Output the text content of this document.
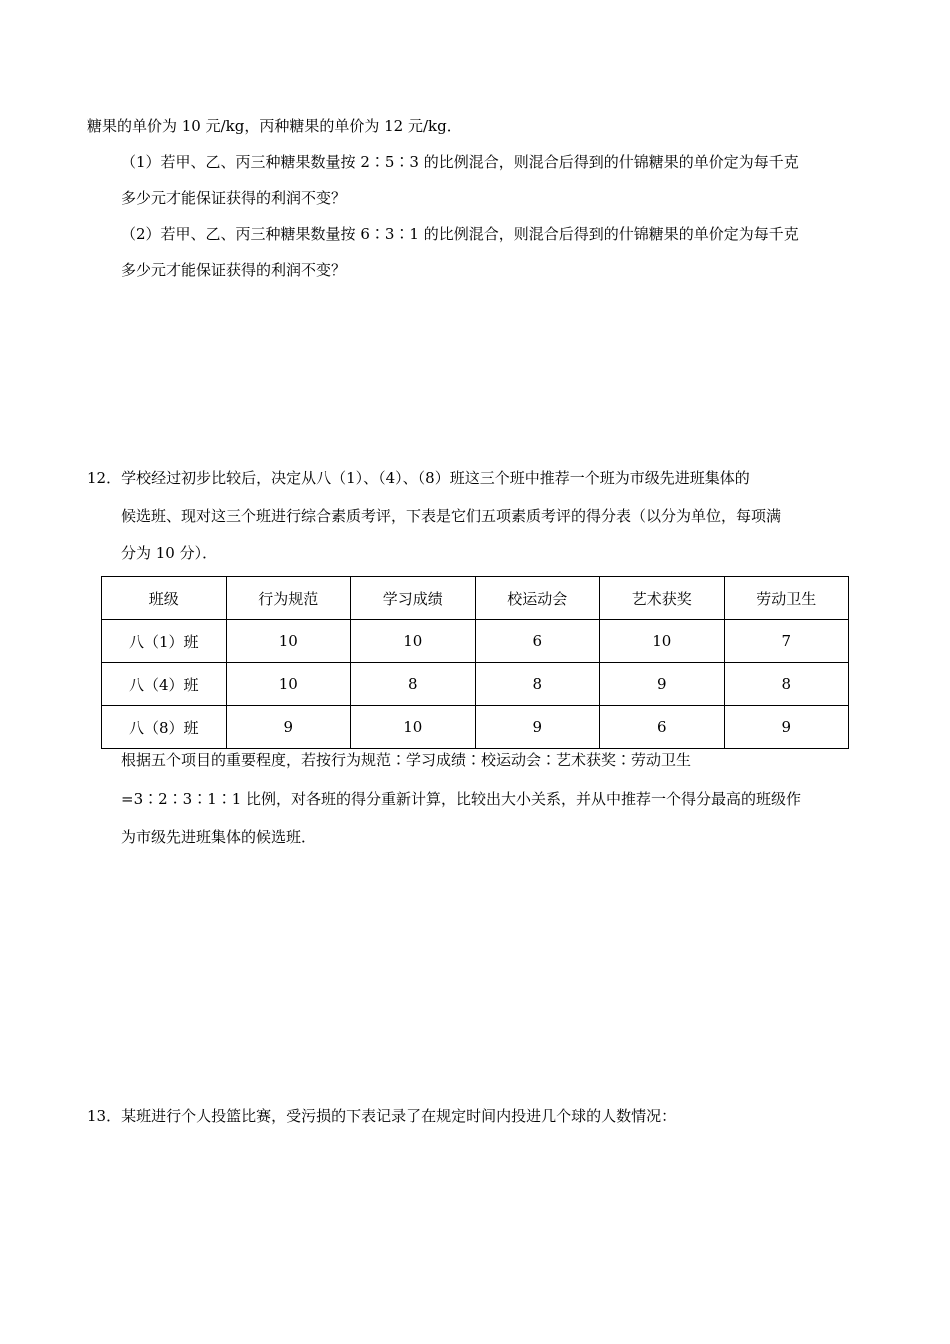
糖果的单价为 10 元/kg，丙种糖果的单价为 12 元/kg．
（1）若甲、乙、丙三种糖果数量按 2∶5∶3 的比例混合，则混合后得到的什锦糖果的单价定为每千克
多少元才能保证获得的利润不变？
（2）若甲、乙、丙三种糖果数量按 6∶3∶1 的比例混合，则混合后得到的什锦糖果的单价定为每千克
多少元才能保证获得的利润不变？
12．学校经过初步比较后，决定从八（1）、（4）、（8）班这三个班中推荐一个班为市级先进班集体的
候选班、现对这三个班进行综合素质考评，下表是它们五项素质考评的得分表（以分为单位，每项满
分为 10 分）．
班级	行为规范	学习成绩	校运动会	艺术获奖	劳动卫生
八（1）班	10	10	6	10	7
八（4）班	10	8	8	9	8
八（8）班	9	10	9	6	9
根据五个项目的重要程度，若按行为规范∶学习成绩∶校运动会∶艺术获奖∶劳动卫生
=3∶2∶3∶1∶1 比例，对各班的得分重新计算，比较出大小关系，并从中推荐一个得分最高的班级作
为市级先进班集体的候选班．
13．某班进行个人投篮比赛，受污损的下表记录了在规定时间内投进几个球的人数情况：
